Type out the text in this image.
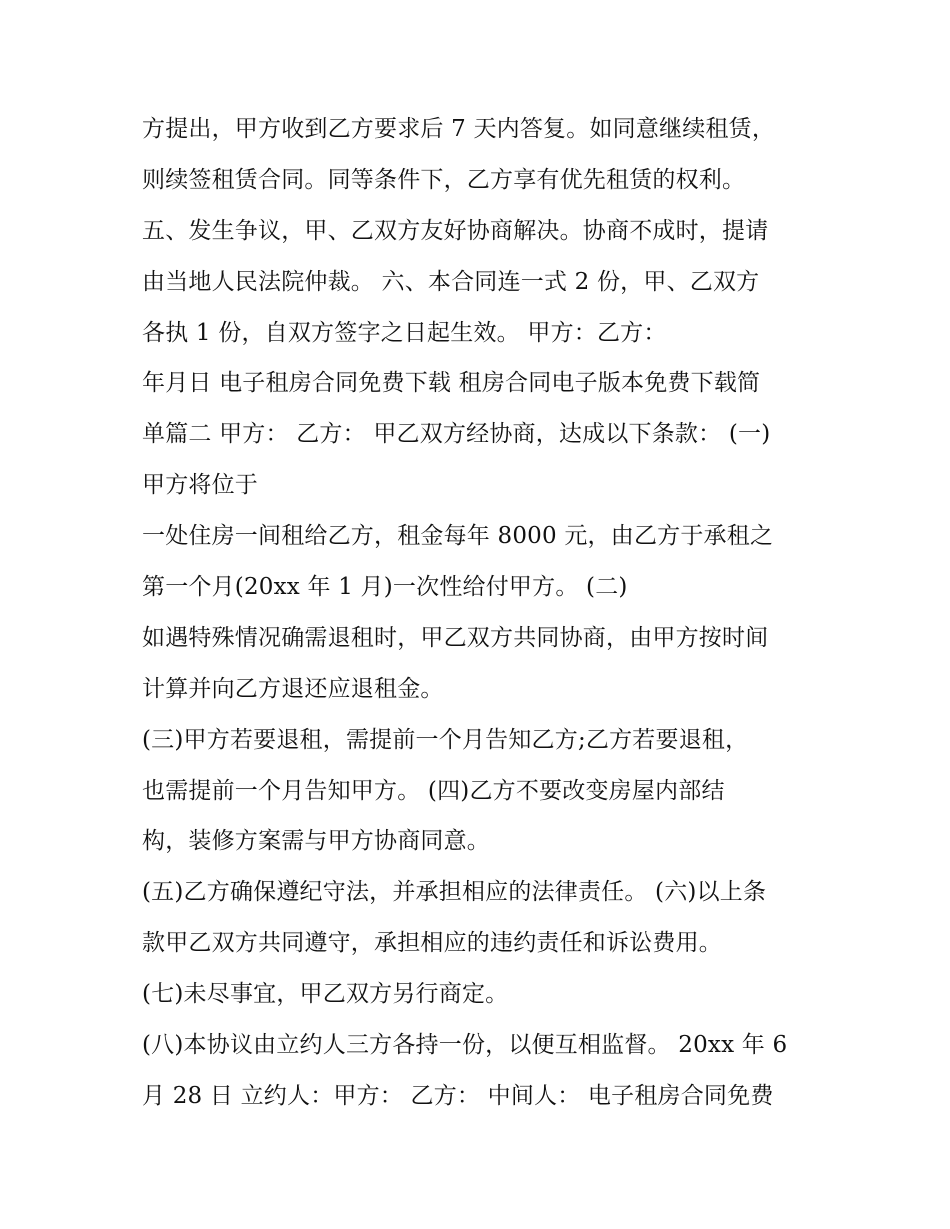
方提出，甲方收到乙方要求后 7 天内答复。如同意继续租赁，
则续签租赁合同。同等条件下，乙方享有优先租赁的权利。
五、发生争议，甲、乙双方友好协商解决。协商不成时，提请
由当地人民法院仲裁。 六、本合同连一式 2 份，甲、乙双方
各执 1 份，自双方签字之日起生效。 甲方：乙方：
年月日 电子租房合同免费下载 租房合同电子版本免费下载简
单篇二 甲方： 乙方： 甲乙双方经协商，达成以下条款： (一)
甲方将位于
一处住房一间租给乙方，租金每年 8000 元，由乙方于承租之
第一个月(20xx 年 1 月)一次性给付甲方。 (二)
如遇特殊情况确需退租时，甲乙双方共同协商，由甲方按时间
计算并向乙方退还应退租金。
(三)甲方若要退租，需提前一个月告知乙方;乙方若要退租，
也需提前一个月告知甲方。 (四)乙方不要改变房屋内部结
构，装修方案需与甲方协商同意。
(五)乙方确保遵纪守法，并承担相应的法律责任。 (六)以上条
款甲乙双方共同遵守，承担相应的违约责任和诉讼费用。
(七)未尽事宜，甲乙双方另行商定。
(八)本协议由立约人三方各持一份，以便互相监督。 20xx 年 6
月 28 日 立约人：甲方： 乙方： 中间人： 电子租房合同免费
